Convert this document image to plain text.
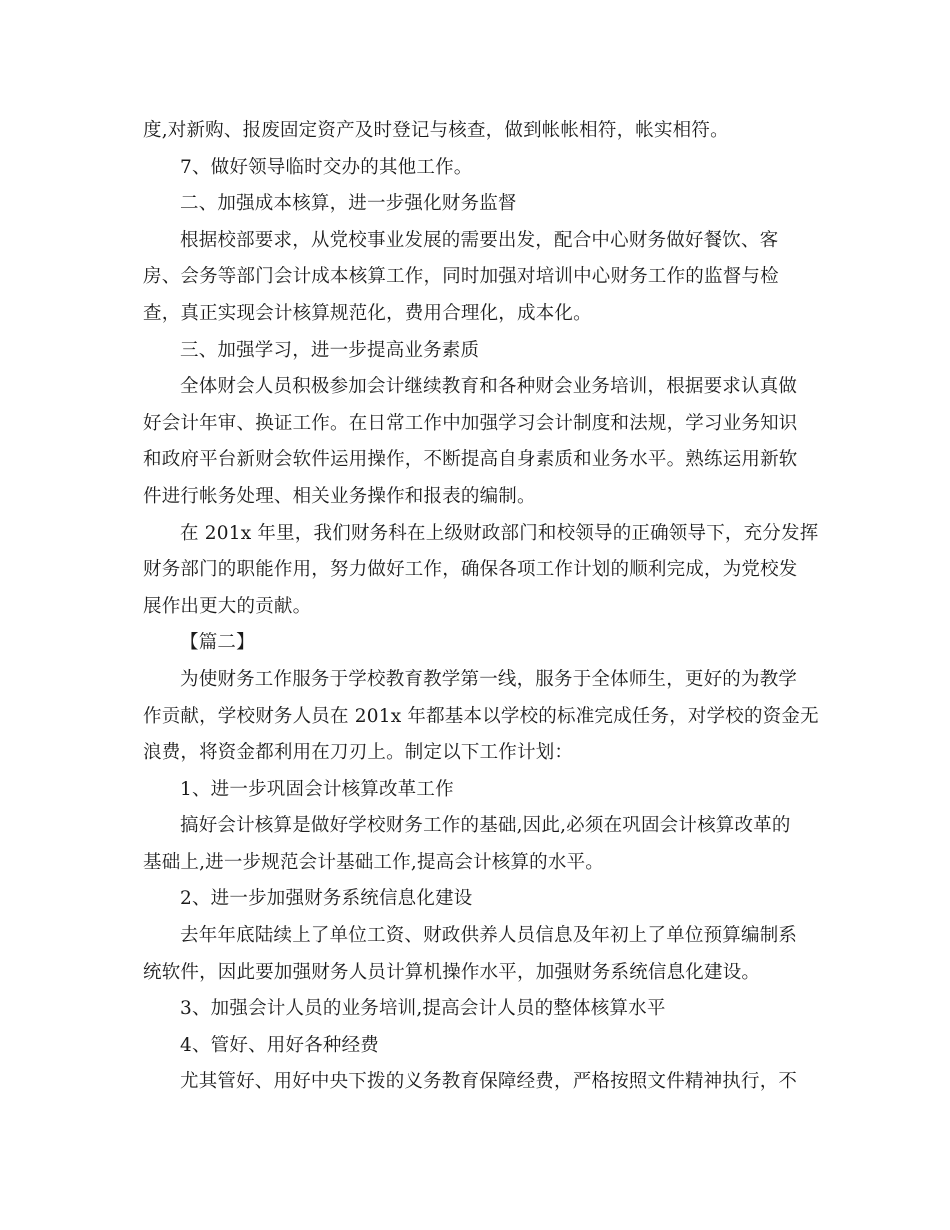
度,对新购、报废固定资产及时登记与核查，做到帐帐相符，帐实相符。

7、做好领导临时交办的其他工作。

二、加强成本核算，进一步强化财务监督

根据校部要求，从党校事业发展的需要出发，配合中心财务做好餐饮、客

房、会务等部门会计成本核算工作，同时加强对培训中心财务工作的监督与检

查，真正实现会计核算规范化，费用合理化，成本化。

三、加强学习，进一步提高业务素质

全体财会人员积极参加会计继续教育和各种财会业务培训，根据要求认真做

好会计年审、换证工作。在日常工作中加强学习会计制度和法规，学习业务知识

和政府平台新财会软件运用操作，不断提高自身素质和业务水平。熟练运用新软

件进行帐务处理、相关业务操作和报表的编制。

在 201x 年里，我们财务科在上级财政部门和校领导的正确领导下，充分发挥

财务部门的职能作用，努力做好工作，确保各项工作计划的顺利完成，为党校发

展作出更大的贡献。

【篇二】

为使财务工作服务于学校教育教学第一线，服务于全体师生，更好的为教学

作贡献，学校财务人员在 201x 年都基本以学校的标准完成任务，对学校的资金无

浪费，将资金都利用在刀刃上。制定以下工作计划：

1、进一步巩固会计核算改革工作

搞好会计核算是做好学校财务工作的基础,因此,必须在巩固会计核算改革的

基础上,进一步规范会计基础工作,提高会计核算的水平。

2、进一步加强财务系统信息化建设

去年年底陆续上了单位工资、财政供养人员信息及年初上了单位预算编制系

统软件，因此要加强财务人员计算机操作水平，加强财务系统信息化建设。

3、加强会计人员的业务培训,提高会计人员的整体核算水平

4、管好、用好各种经费

尤其管好、用好中央下拨的义务教育保障经费，严格按照文件精神执行，不
